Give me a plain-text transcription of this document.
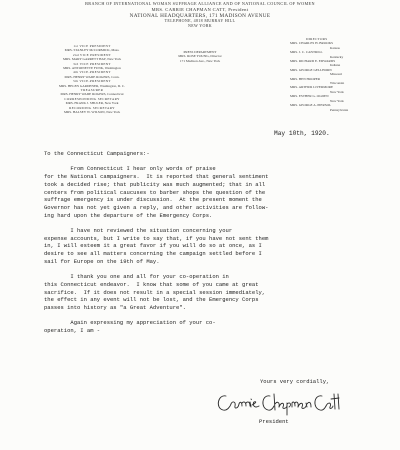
BRANCH OF INTERNATIONAL WOMAN SUFFRAGE ALLIANCE AND OF NATIONAL COUNCIL OF WOMEN
MRS. CARRIE CHAPMAN CATT, President
NATIONAL HEADQUARTERS, 171 MADISON AVENUE
TELEPHONE, 4818 MURRAY HILL
NEW YORK
1st VICE PRESIDENT
MRS. STANLEY McCORMICK, Mass.
2nd VICE PRESIDENT
MRS. MARY GARRETT HAY, New York
3rd VICE PRESIDENT
MRS. ANTOINETTE FUNK, Washington
4th VICE-PRESIDENT
MRS. HENRY WADE ROGERS, Conn.
5th VICE-PRESIDENT
MRS. HELEN GARDENER, Washington, D. C.
TREASURER
MRS. HENRY WADE ROGERS, Connecticut
CORRESPONDING SECRETARY
MRS. FRANK J. SHULER, New York
RECORDING SECRETARY
MRS. HALSEY W. WILSON, New York
PRESS DEPARTMENT
MRS. ROSE YOUNG, Director
171 Madison Ave., New York
DIRECTORS
MRS. CHARLES H. BROOKS
Kansas
MRS. J. C. CANTRILL
Kentucky
MRS. RICHARD E. EDWARDS
Indiana
MRS. GEORGE GELLHORN
Missouri
MRS. BEN HOOPER
Wisconsin
MRS. ARTHUR LIVERMORE
New York
MRS. ESTHER G. OGDEN
New York
MRS. GEORGE A. PIERSOL
Pennsylvania
May 10th, 1920.

To the Connecticut Campaigners:-

From Connecticut I hear only words of praise
for the National campaigners.  It is reported that general sentiment
took a decided rise; that publicity was much augmented; that in all
centers from political caucuses to barber shops the question of the
suffrage emergency is under discussion.  At the present moment the
Governor has not yet given a reply, and other activities are follow-
ing hard upon the departure of the Emergency Corps.

I have not reviewed the situation concerning your
expense accounts, but I write to say that, if you have not sent them
in, I will esteem it a great favor if you will do so at once, as I
desire to see all matters concerning the campaign settled before I
sail for Europe on the 19th of May.

I thank you one and all for your co-operation in
this Connecticut endeavor.  I know that some of you came at great
sacrifice.  If it does not result in a special session immediately,
the effect in any event will not be lost, and the Emergency Corps
passes into history as "a Great Adventure".

Again expressing my appreciation of your co-
operation, I am -

Yours very cordially,
President
